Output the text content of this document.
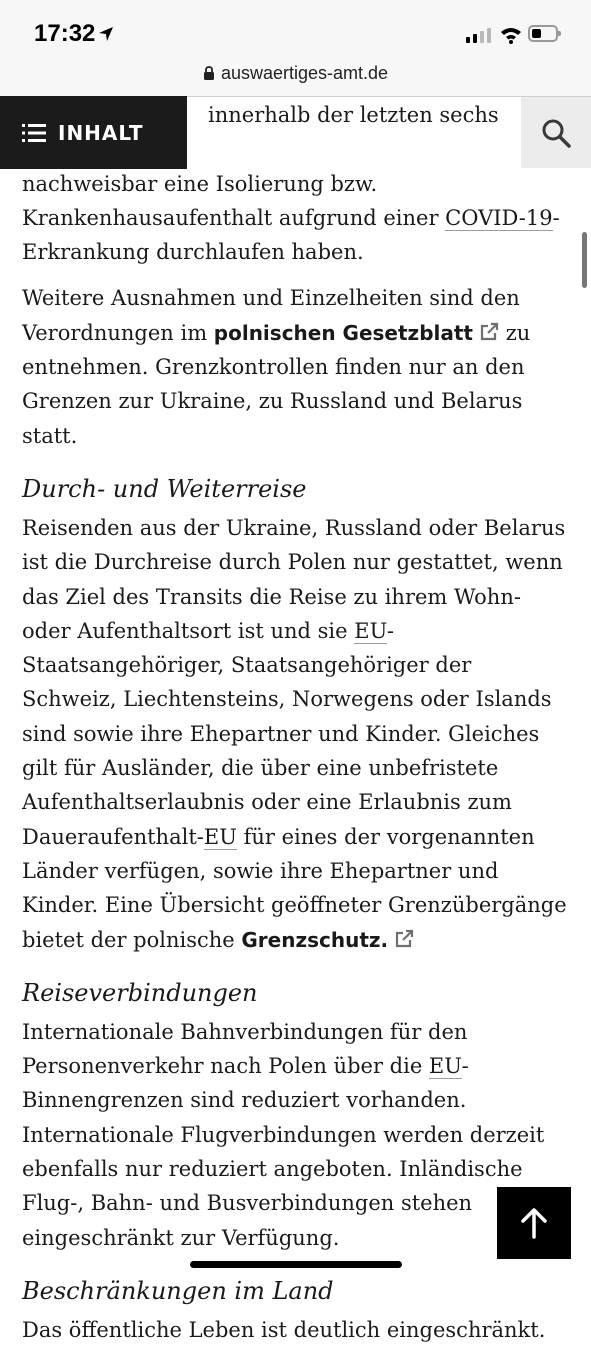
17:32
auswaertiges-amt.de

innerhalb der letzten sechs
nachweisbar eine Isolierung bzw.
Krankenhausaufenthalt aufgrund einer COVID-19-
Erkrankung durchlaufen haben.

Weitere Ausnahmen und Einzelheiten sind den Verordnungen im polnischen Gesetzblatt zu entnehmen. Grenzkontrollen finden nur an den Grenzen zur Ukraine, zu Russland und Belarus statt.

Durch- und Weiterreise

Reisenden aus der Ukraine, Russland oder Belarus ist die Durchreise durch Polen nur gestattet, wenn das Ziel des Transits die Reise zu ihrem Wohn- oder Aufenthaltsort ist und sie EU-Staatsangehöriger, Staatsangehöriger der Schweiz, Liechtensteins, Norwegens oder Islands sind sowie ihre Ehepartner und Kinder. Gleiches gilt für Ausländer, die über eine unbefristete Aufenthaltserlaubnis oder eine Erlaubnis zum Daueraufenthalt-EU für eines der vorgenannten Länder verfügen, sowie ihre Ehepartner und Kinder. Eine Übersicht geöffneter Grenzübergänge bietet der polnische Grenzschutz.

Reiseverbindungen

Internationale Bahnverbindungen für den Personenverkehr nach Polen über die EU-Binnengrenzen sind reduziert vorhanden. Internationale Flugverbindungen werden derzeit ebenfalls nur reduziert angeboten. Inländische Flug-, Bahn- und Busverbindungen stehen eingeschränkt zur Verfügung.

Beschränkungen im Land

Das öffentliche Leben ist deutlich eingeschränkt.

INHALT
